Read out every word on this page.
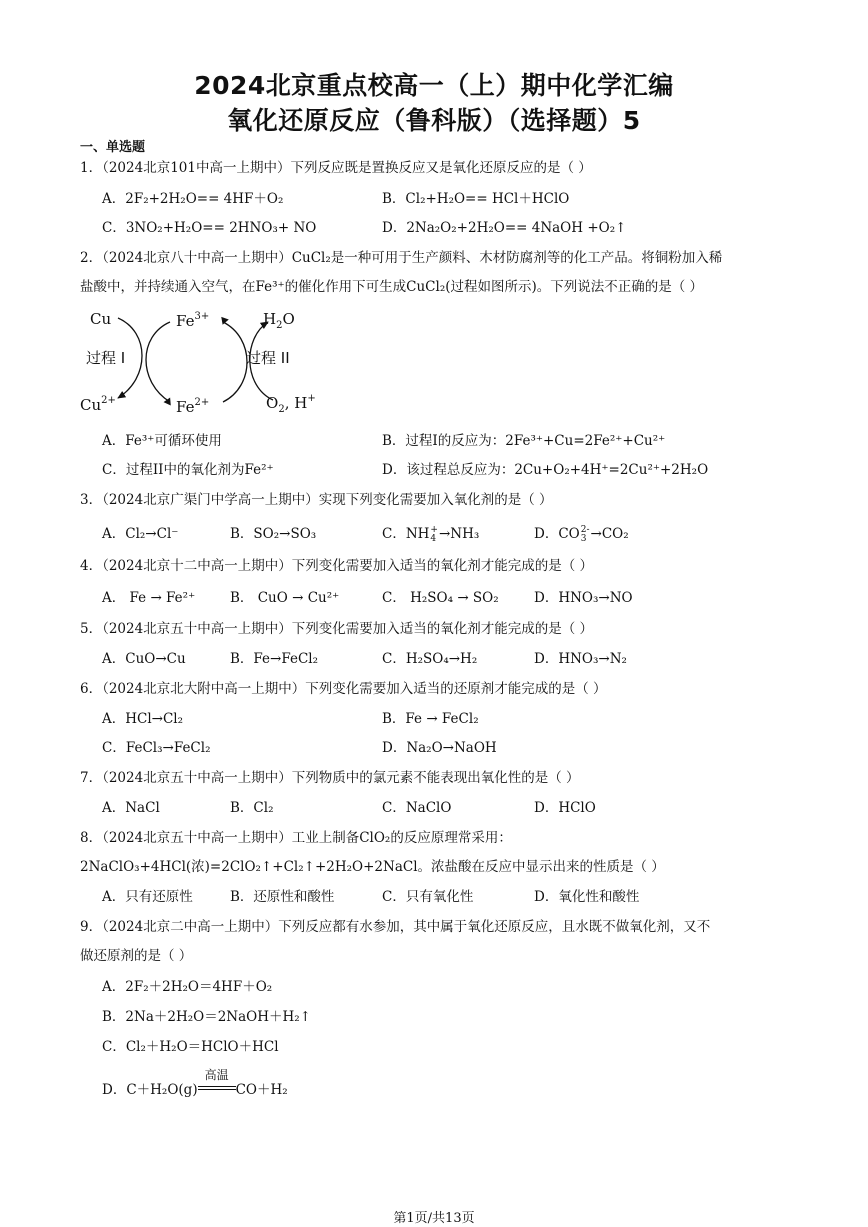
2024北京重点校高一（上）期中化学汇编
氧化还原反应（鲁科版）（选择题）5
一、单选题
1．（2024北京101中高一上期中）下列反应既是置换反应又是氧化还原反应的是（ ）
A．2F₂+2H₂O== 4HF＋O₂	B．Cl₂+H₂O== HCl＋HClO
C．3NO₂+H₂O== 2HNO₃+ NO	D．2Na₂O₂+2H₂O== 4NaOH +O₂↑
2．（2024北京八十中高一上期中）CuCl₂是一种可用于生产颜料、木材防腐剂等的化工产品。将铜粉加入稀
盐酸中，并持续通入空气，在Fe³⁺的催化作用下可生成CuCl₂(过程如图所示)。下列说法不正确的是（ ）
Cu	$Fe^{3+}$	$H_2O$
过程 I	过程 II
$Cu^{2+}$	$Fe^{2+}$	$O_2$, H+
A．Fe³⁺可循环使用	B．过程I的反应为：2Fe³⁺+Cu=2Fe²⁺+Cu²⁺
C．过程II中的氧化剂为Fe²⁺	D．该过程总反应为：2Cu+O₂+4H⁺=2Cu²⁺+2H₂O
3．（2024北京广渠门中学高一上期中）实现下列变化需要加入氧化剂的是（ ）
A．Cl₂→Cl⁻	B．SO₂→SO₃	C．NH +
4 →NH₃	D．CO 2-
3 →CO₂
4．（2024北京十二中高一上期中）下列变化需要加入适当的氧化剂才能完成的是（ ）
A． Fe → Fe²⁺	B． CuO → Cu²⁺	C． H₂SO₄ → SO₂	D．HNO₃→NO
5．（2024北京五十中高一上期中）下列变化需要加入适当的氧化剂才能完成的是（ ）
A．CuO→Cu	B．Fe→FeCl₂	C．H₂SO₄→H₂	D．HNO₃→N₂
6．（2024北京北大附中高一上期中）下列变化需要加入适当的还原剂才能完成的是（ ）
A．HCl→Cl₂	B．Fe → FeCl₂
C．FeCl₃→FeCl₂	D．Na₂O→NaOH
7．（2024北京五十中高一上期中）下列物质中的氯元素不能表现出氧化性的是（ ）
A．NaCl	B．Cl₂	C．NaClO	D．HClO
8．（2024北京五十中高一上期中）工业上制备ClO₂的反应原理常采用：
2NaClO₃+4HCl(浓)=2ClO₂↑+Cl₂↑+2H₂O+2NaCl。浓盐酸在反应中显示出来的性质是（ ）
A．只有还原性	B．还原性和酸性	C．只有氧化性	D．氧化性和酸性
9．（2024北京二中高一上期中）下列反应都有水参加，其中属于氧化还原反应，且水既不做氧化剂，又不
做还原剂的是（ ）
A．2F₂＋2H₂O＝4HF＋O₂
B．2Na＋2H₂O＝2NaOH＋H₂↑
C．Cl₂＋H₂O＝HClO＋HCl
D．C＋H₂O(g)
高温
CO＋H₂
第1页/共13页
